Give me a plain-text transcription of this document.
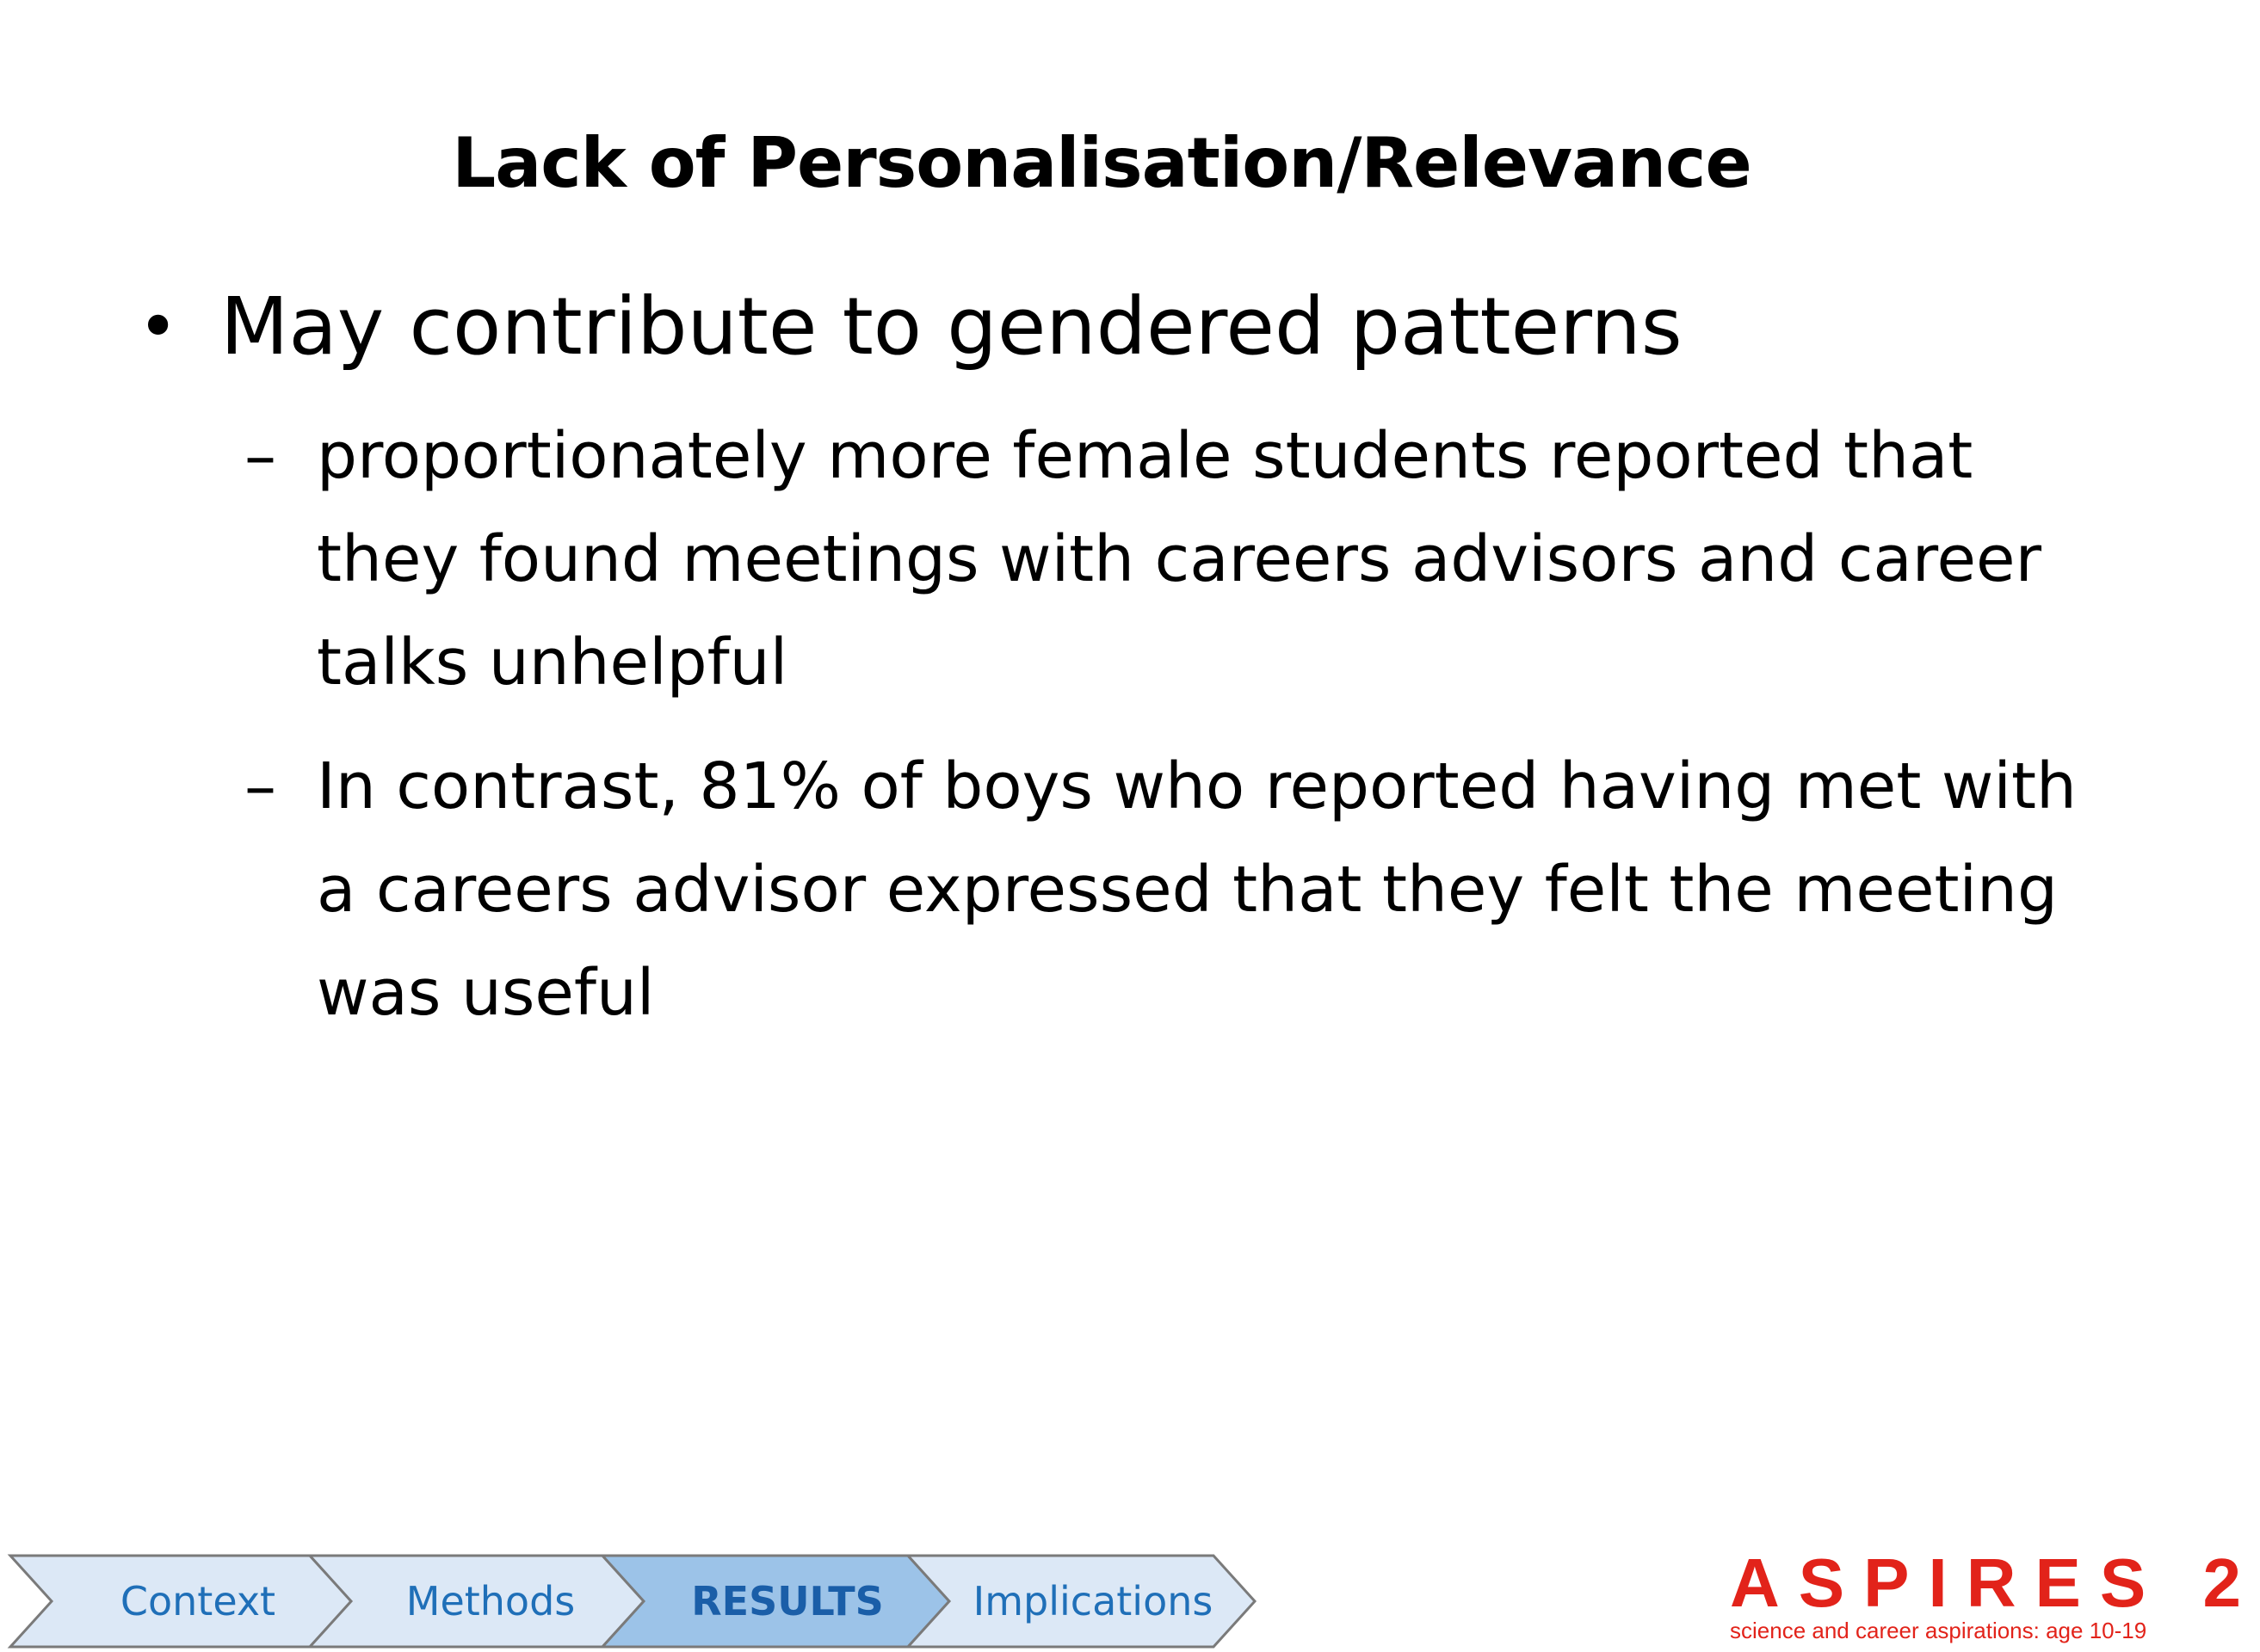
Lack of Personalisation/Relevance
• May contribute to gendered patterns
– proportionately more female students reported that they found meetings with careers advisors and career talks unhelpful
– In contrast, 81% of boys who reported having met with a careers advisor expressed that they felt the meeting was useful
Context	Methods	RESULTS	Implications	ASPIRES 2
science and career aspirations: age 10-19
